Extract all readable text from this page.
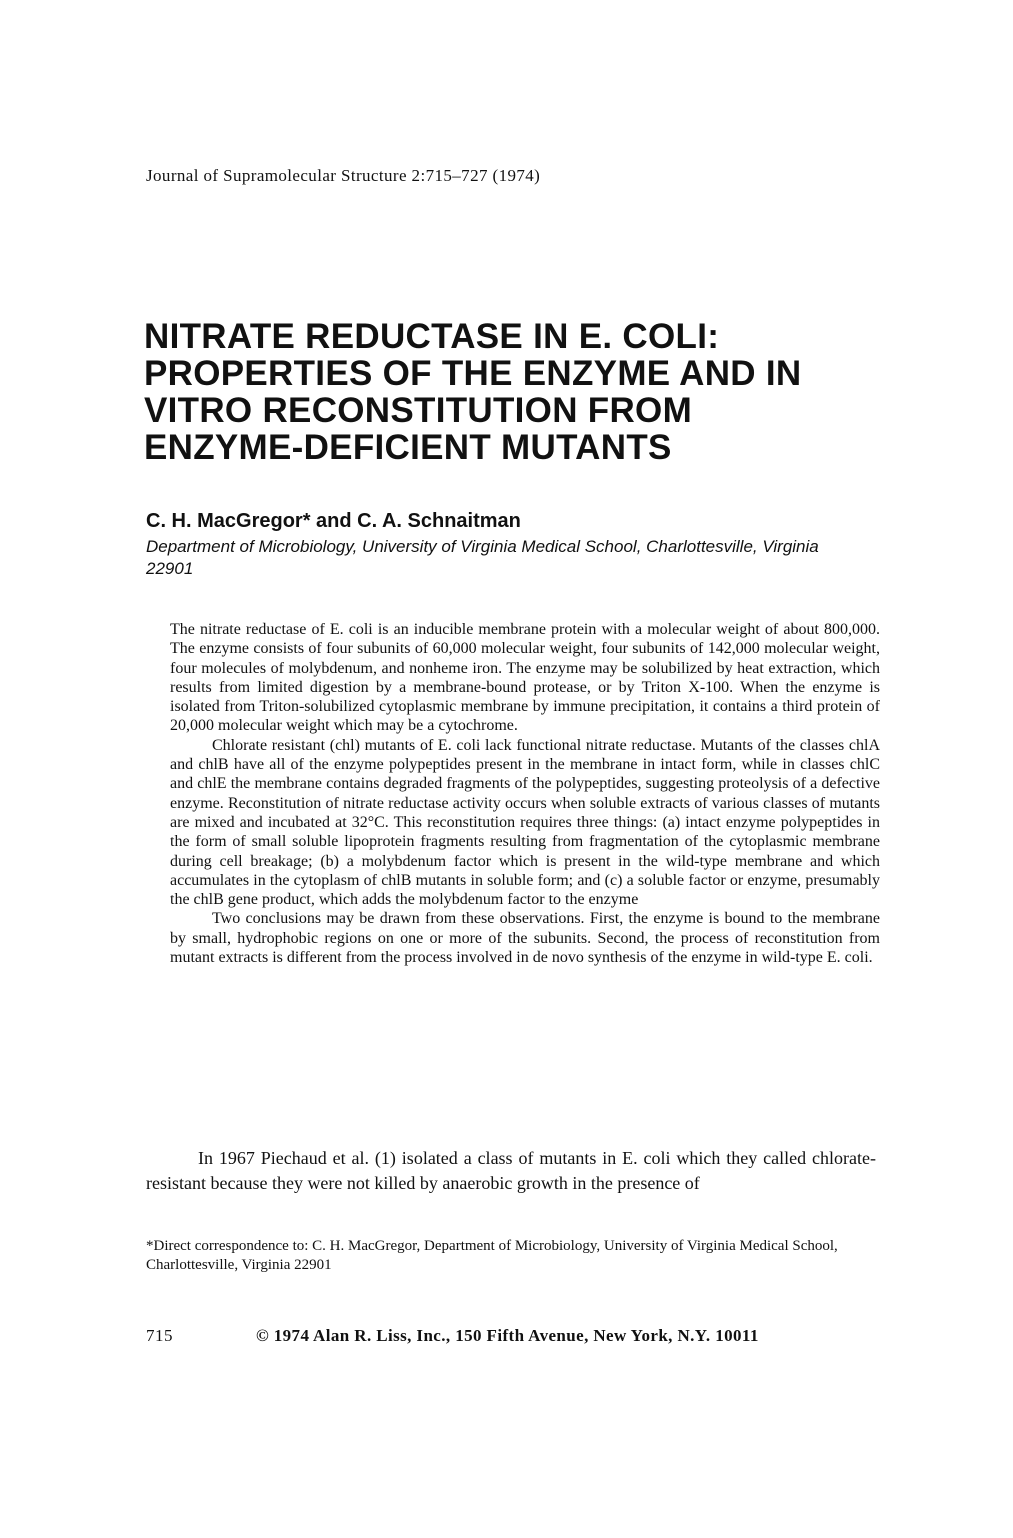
Journal of Supramolecular Structure 2:715–727 (1974)
NITRATE REDUCTASE IN E. COLI:
PROPERTIES OF THE ENZYME AND IN
VITRO RECONSTITUTION FROM
ENZYME-DEFICIENT MUTANTS
C. H. MacGregor* and C. A. Schnaitman
Department of Microbiology, University of Virginia Medical School, Charlottesville, Virginia 22901

The nitrate reductase of E. coli is an inducible membrane protein with a molecular weight of about 800,000. The enzyme consists of four subunits of 60,000 molecular weight, four subunits of 142,000 molecular weight, four molecules of molybdenum, and nonheme iron. The enzyme may be solubilized by heat extraction, which results from limited digestion by a membrane-bound protease, or by Triton X-100. When the enzyme is isolated from Triton-solubilized cytoplasmic membrane by immune precipitation, it contains a third protein of 20,000 molecular weight which may be a cytochrome.

Chlorate resistant (chl) mutants of E. coli lack functional nitrate reductase. Mutants of the classes chlA and chlB have all of the enzyme polypeptides present in the membrane in intact form, while in classes chlC and chlE the membrane contains degraded fragments of the polypeptides, suggesting proteolysis of a defective enzyme. Reconstitution of nitrate reductase activity occurs when soluble extracts of various classes of mutants are mixed and incubated at 32°C. This reconstitution requires three things: (a) intact enzyme polypeptides in the form of small soluble lipoprotein fragments resulting from fragmentation of the cytoplasmic membrane during cell breakage; (b) a molybdenum factor which is present in the wild-type membrane and which accumulates in the cytoplasm of chlB mutants in soluble form; and (c) a soluble factor or enzyme, presumably the chlB gene product, which adds the molybdenum factor to the enzyme

Two conclusions may be drawn from these observations. First, the enzyme is bound to the membrane by small, hydrophobic regions on one or more of the subunits. Second, the process of reconstitution from mutant extracts is different from the process involved in de novo synthesis of the enzyme in wild-type E. coli.

In 1967 Piechaud et al. (1) isolated a class of mutants in E. coli which they called chlorate-resistant because they were not killed by anaerobic growth in the presence of

*Direct correspondence to: C. H. MacGregor, Department of Microbiology, University of Virginia Medical School, Charlottesville, Virginia 22901
715	© 1974 Alan R. Liss, Inc., 150 Fifth Avenue, New York, N.Y. 10011
